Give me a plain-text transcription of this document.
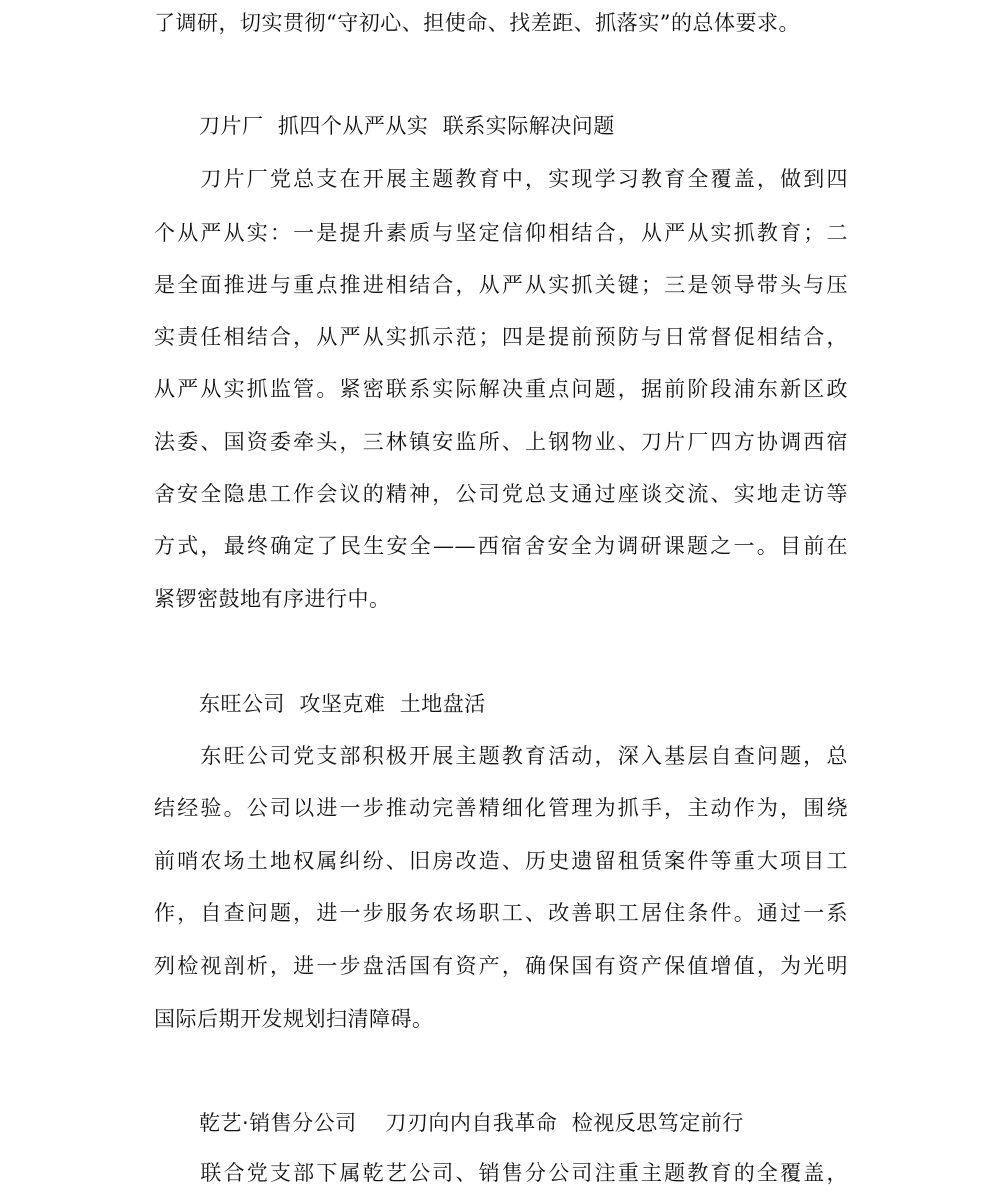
了调研，切实贯彻“守初心、担使命、找差距、抓落实”的总体要求。
刀片厂  抓四个从严从实  联系实际解决问题
　　刀片厂党总支在开展主题教育中，实现学习教育全覆盖，做到四
个从严从实：一是提升素质与坚定信仰相结合，从严从实抓教育；二
是全面推进与重点推进相结合，从严从实抓关键；三是领导带头与压
实责任相结合，从严从实抓示范；四是提前预防与日常督促相结合，
从严从实抓监管。紧密联系实际解决重点问题，据前阶段浦东新区政
法委、国资委牵头，三林镇安监所、上钢物业、刀片厂四方协调西宿
舍安全隐患工作会议的精神，公司党总支通过座谈交流、实地走访等
方式，最终确定了民生安全——西宿舍安全为调研课题之一。目前在
紧锣密鼓地有序进行中。
东旺公司  攻坚克难  土地盘活
　　东旺公司党支部积极开展主题教育活动，深入基层自查问题，总
结经验。公司以进一步推动完善精细化管理为抓手，主动作为，围绕
前哨农场土地权属纠纷、旧房改造、历史遗留租赁案件等重大项目工
作，自查问题，进一步服务农场职工、改善职工居住条件。通过一系
列检视剖析，进一步盘活国有资产，确保国有资产保值增值，为光明
国际后期开发规划扫清障碍。
乾艺·销售分公司    刀刃向内自我革命  检视反思笃定前行
　　联合党支部下属乾艺公司、销售分公司注重主题教育的全覆盖，
